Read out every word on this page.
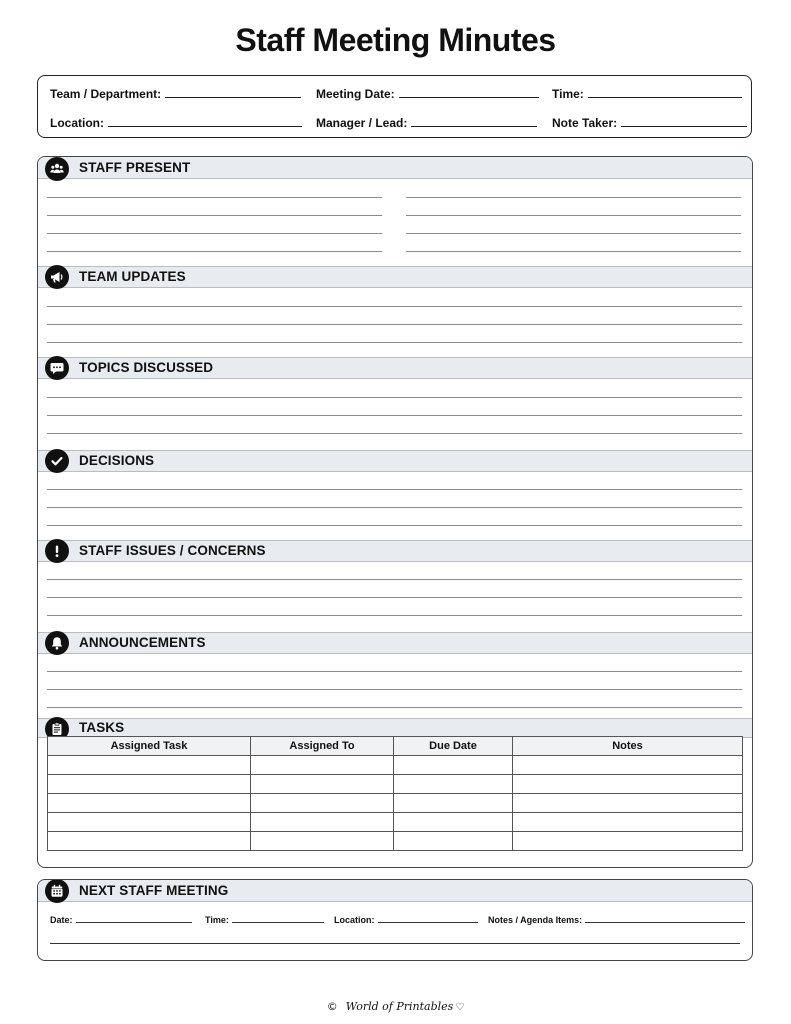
Staff Meeting Minutes
Team / Department:	Meeting Date:	Time:
Location:	Manager / Lead:	Note Taker:
STAFF PRESENT
TEAM UPDATES
TOPICS DISCUSSED
DECISIONS
STAFF ISSUES / CONCERNS
ANNOUNCEMENTS
TASKS
Assigned Task	Assigned To	Due Date	Notes

NEXT STAFF MEETING
Date:	Time:	Location:	Notes / Agenda Items:
© World of Printables ♡
